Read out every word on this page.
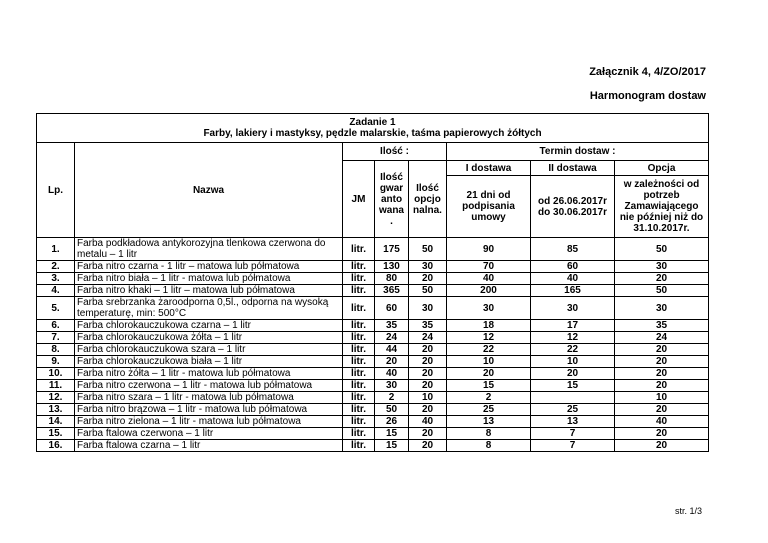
Załącznik 4, 4/ZO/2017
Harmonogram dostaw
Zadanie 1
Farby, lakiery i mastyksy, pędzle malarskie, taśma papierowych żółtych							

Lp.	Nazwa	Ilość :			Termin dostaw :		
		JM	Ilość gwar anto wana .	Ilość opcjo nalna.	I dostawa	II dostawa	Opcja
					21 dni od podpisania umowy	od 26.06.2017r do 30.06.2017r	w zależności od potrzeb Zamawiającego nie później niż do 31.10.2017r.
1.	Farba podkładowa antykorozyjna tlenkowa czerwona do metalu – 1 litr	litr.	175	50	90	85	50
2.	Farba nitro czarna - 1 litr – matowa lub półmatowa	litr.	130	30	70	60	30
3.	Farba nitro biała – 1 litr - matowa lub półmatowa	litr.	80	20	40	40	20
4.	Farba nitro khaki – 1 litr – matowa lub półmatowa	litr.	365	50	200	165	50
5.	Farba srebrzanka żaroodporna 0,5l., odporna na wysoką temperaturę, min: 500°C	litr.	60	30	30	30	30
6.	Farba chlorokauczukowa czarna – 1 litr	litr.	35	35	18	17	35
7.	Farba chlorokauczukowa żółta – 1 litr	litr.	24	24	12	12	24
8.	Farba chlorokauczukowa szara – 1 litr	litr.	44	20	22	22	20
9.	Farba chlorokauczukowa biała – 1 litr	litr.	20	20	10	10	20
10.	Farba nitro żółta – 1 litr - matowa lub półmatowa	litr.	40	20	20	20	20
11.	Farba nitro czerwona – 1 litr - matowa lub półmatowa	litr.	30	20	15	15	20
12.	Farba nitro szara – 1 litr - matowa lub półmatowa	litr.	2	10	2		10
13.	Farba nitro brązowa – 1 litr - matowa lub półmatowa	litr.	50	20	25	25	20
14.	Farba nitro zielona – 1 litr - matowa lub półmatowa	litr.	26	40	13	13	40
15.	Farba ftalowa czerwona – 1 litr	litr.	15	20	8	7	20
16.	Farba ftalowa czarna – 1 litr	litr.	15	20	8	7	20
str. 1/3
